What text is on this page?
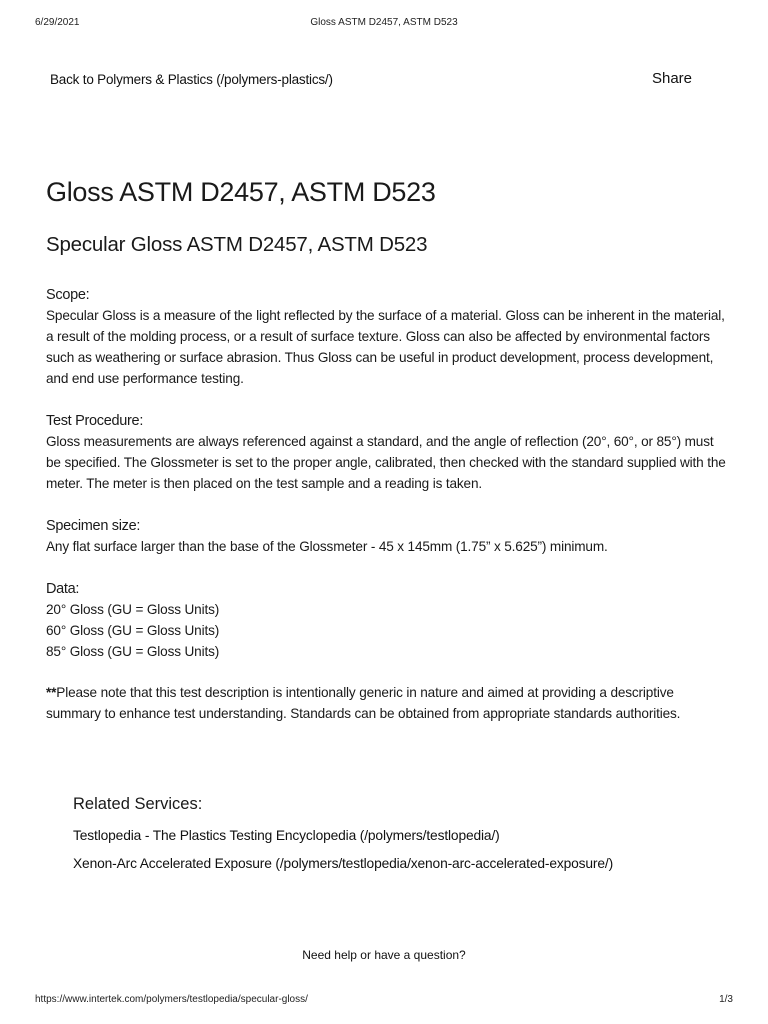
6/29/2021	Gloss ASTM D2457, ASTM D523
Back to Polymers & Plastics (/polymers-plastics/)	Share
Gloss ASTM D2457, ASTM D523
Specular Gloss ASTM D2457, ASTM D523
Scope:
Specular Gloss is a measure of the light reflected by the surface of a material. Gloss can be inherent in the material, a result of the molding process, or a result of surface texture. Gloss can also be affected by environmental factors such as weathering or surface abrasion. Thus Gloss can be useful in product development, process development, and end use performance testing.
Test Procedure:
Gloss measurements are always referenced against a standard, and the angle of reflection (20°, 60°, or 85°) must be specified. The Glossmeter is set to the proper angle, calibrated, then checked with the standard supplied with the meter. The meter is then placed on the test sample and a reading is taken.
Specimen size:
Any flat surface larger than the base of the Glossmeter - 45 x 145mm (1.75” x 5.625”) minimum.
Data:
20° Gloss (GU = Gloss Units)
60° Gloss (GU = Gloss Units)
85° Gloss (GU = Gloss Units)
**Please note that this test description is intentionally generic in nature and aimed at providing a descriptive summary to enhance test understanding. Standards can be obtained from appropriate standards authorities.
Related Services:
Testlopedia - The Plastics Testing Encyclopedia (/polymers/testlopedia/)
Xenon-Arc Accelerated Exposure (/polymers/testlopedia/xenon-arc-accelerated-exposure/)
Need help or have a question?
https://www.intertek.com/polymers/testlopedia/specular-gloss/	1/3
